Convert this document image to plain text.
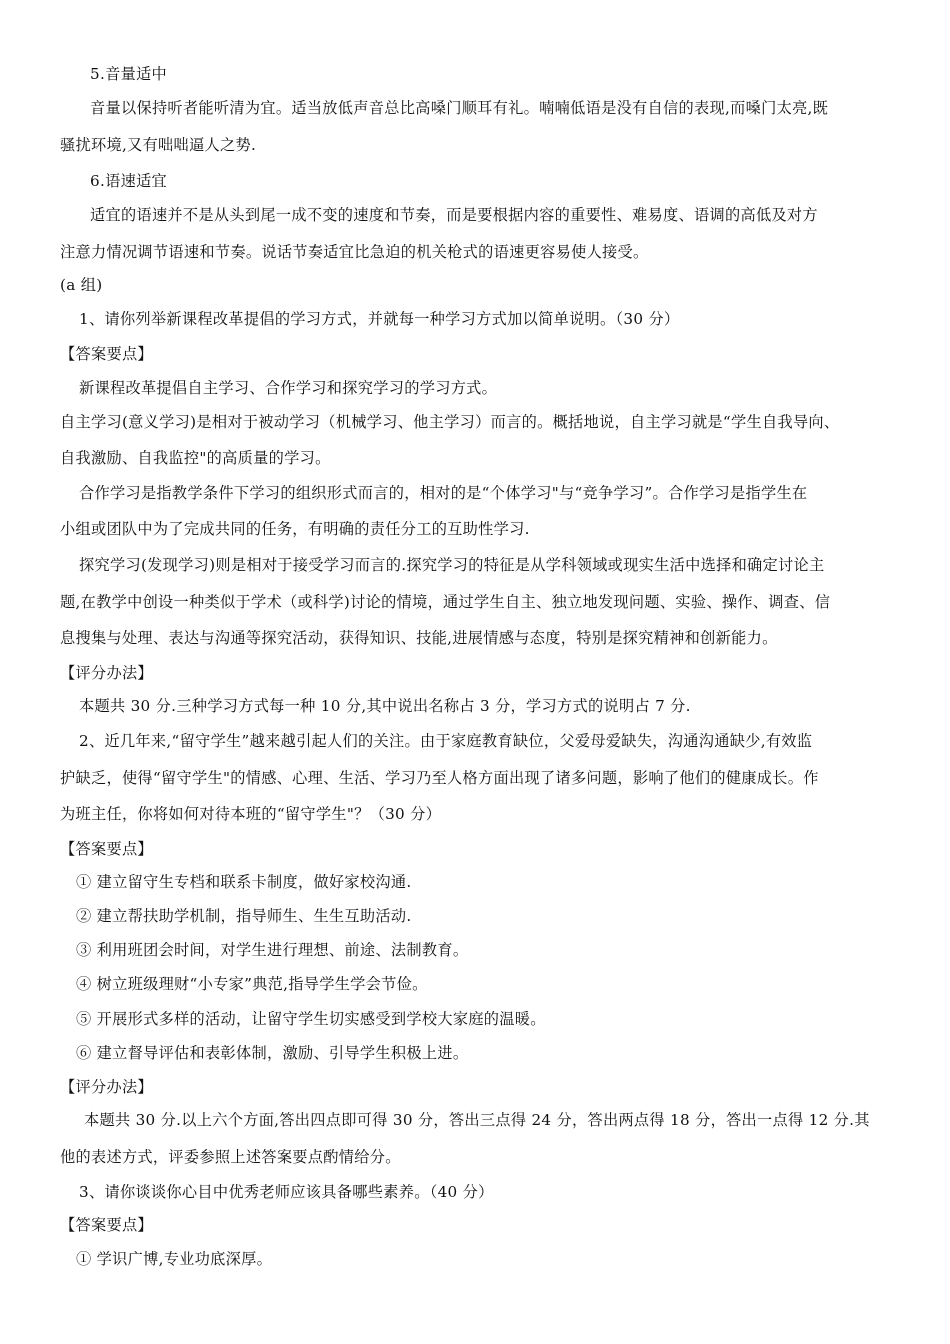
5.音量适中

音量以保持听者能听清为宜。适当放低声音总比高嗓门顺耳有礼。喃喃低语是没有自信的表现,而嗓门太亮,既

骚扰环境,又有咄咄逼人之势.

6.语速适宜

适宜的语速并不是从头到尾一成不变的速度和节奏，而是要根据内容的重要性、难易度、语调的高低及对方

注意力情况调节语速和节奏。说话节奏适宜比急迫的机关枪式的语速更容易使人接受。

(a 组)

1、请你列举新课程改革提倡的学习方式，并就每一种学习方式加以简单说明。（30 分）

【答案要点】

新课程改革提倡自主学习、合作学习和探究学习的学习方式。

自主学习(意义学习)是相对于被动学习（机械学习、他主学习）而言的。概括地说，自主学习就是“学生自我导向、

自我激励、自我监控"的高质量的学习。

合作学习是指教学条件下学习的组织形式而言的，相对的是“个体学习"与“竞争学习”。合作学习是指学生在

小组或团队中为了完成共同的任务，有明确的责任分工的互助性学习.

探究学习(发现学习)则是相对于接受学习而言的.探究学习的特征是从学科领域或现实生活中选择和确定讨论主

题,在教学中创设一种类似于学术（或科学)讨论的情境，通过学生自主、独立地发现问题、实验、操作、调查、信

息搜集与处理、表达与沟通等探究活动，获得知识、技能,进展情感与态度，特别是探究精神和创新能力。

【评分办法】

本题共 30 分.三种学习方式每一种 10 分,其中说出名称占 3 分，学习方式的说明占 7 分.

2、近几年来,“留守学生”越来越引起人们的关注。由于家庭教育缺位，父爱母爱缺失，沟通沟通缺少,有效监

护缺乏，使得“留守学生"的情感、心理、生活、学习乃至人格方面出现了诸多问题，影响了他们的健康成长。作

为班主任，你将如何对待本班的“留守学生"？（30 分）

【答案要点】

① 建立留守生专档和联系卡制度，做好家校沟通.

② 建立帮扶助学机制，指导师生、生生互助活动.

③ 利用班团会时间，对学生进行理想、前途、法制教育。

④ 树立班级理财“小专家”典范,指导学生学会节俭。

⑤ 开展形式多样的活动，让留守学生切实感受到学校大家庭的温暖。

⑥ 建立督导评估和表彰体制，激励、引导学生积极上进。

【评分办法】

本题共 30 分.以上六个方面,答出四点即可得 30 分，答出三点得 24 分，答出两点得 18 分，答出一点得 12 分.其

他的表述方式，评委参照上述答案要点酌情给分。

3、请你谈谈你心目中优秀老师应该具备哪些素养。（40 分）

【答案要点】

① 学识广博,专业功底深厚。
